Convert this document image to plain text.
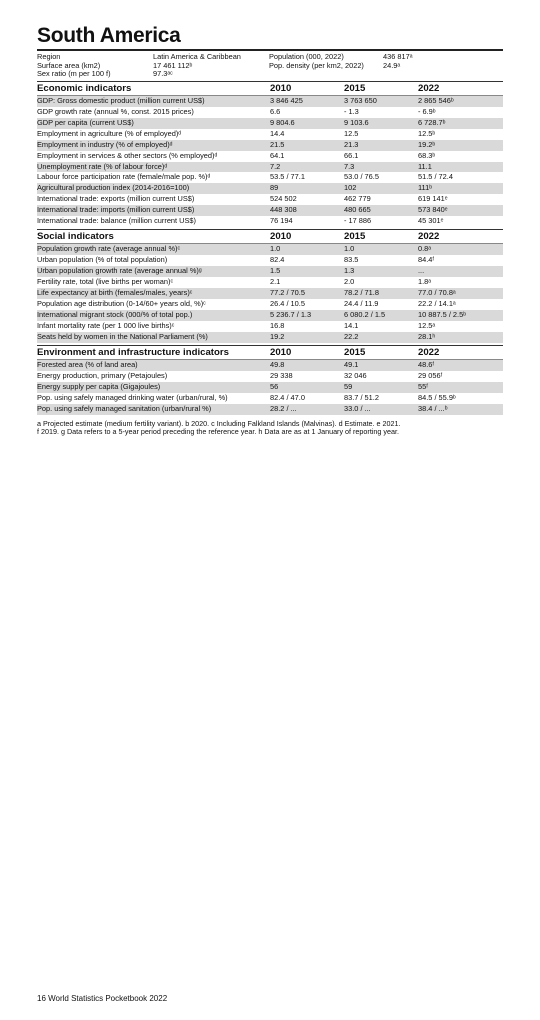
South America
Region	Latin America & Caribbean	Population (000, 2022)	436 817ᵃ
Surface area (km2)	17 461 112ᵇ	Pop. density (per km2, 2022)	24.9ᵃ
Sex ratio (m per 100 f)	97.3ᵃᶜ
Economic indicators	2010	2015	2022
GDP: Gross domestic product (million current US$)	3 846 425	3 763 650	2 865 546ᵇ
GDP growth rate (annual %, const. 2015 prices)	6.6	- 1.3	- 6.9ᵇ
GDP per capita (current US$)	9 804.6	9 103.6	6 728.7ᵇ
Employment in agriculture (% of employed)ᵈ	14.4	12.5	12.5ᵇ
Employment in industry (% of employed)ᵈ	21.5	21.3	19.2ᵇ
Employment in services & other sectors (% employed)ᵈ	64.1	66.1	68.3ᵇ
Unemployment rate (% of labour force)ᵈ	7.2	7.3	11.1
Labour force participation rate (female/male pop. %)ᵈ	53.5 / 77.1	53.0 / 76.5	51.5 / 72.4
Agricultural production index (2014-2016=100)	89	102	111ᵇ
International trade: exports (million current US$)	524 502	462 779	619 141ᵉ
International trade: imports (million current US$)	448 308	480 665	573 840ᵉ
International trade: balance (million current US$)	76 194	- 17 886	45 301ᵉ
Social indicators	2010	2015	2022
Population growth rate (average annual %)ᶜ	1.0	1.0	0.8ᵃ
Urban population (% of total population)	82.4	83.5	84.4ᶠ
Urban population growth rate (average annual %)ᵍ	1.5	1.3	...
Fertility rate, total (live births per woman)ᶜ	2.1	2.0	1.8ᵃ
Life expectancy at birth (females/males, years)ᶜ	77.2 / 70.5	78.2 / 71.8	77.0 / 70.8ᵃ
Population age distribution (0-14/60+ years old, %)ᶜ	26.4 / 10.5	24.4 / 11.9	22.2 / 14.1ᵃ
International migrant stock (000/% of total pop.)	5 236.7 / 1.3	6 080.2 / 1.5	10 887.5 / 2.5ᵇ
Infant mortality rate (per 1 000 live births)ᶜ	16.8	14.1	12.5ᵃ
Seats held by women in the National Parliament (%)	19.2	22.2	28.1ʰ
Environment and infrastructure indicators	2010	2015	2022
Forested area (% of land area)	49.8	49.1	48.6ᶠ
Energy production, primary (Petajoules)	29 338	32 046	29 056ᶠ
Energy supply per capita (Gigajoules)	56	59	55ᶠ
Pop. using safely managed drinking water (urban/rural, %)	82.4 / 47.0	83.7 / 51.2	84.5 / 55.9ᵇ
Pop. using safely managed sanitation (urban/rural %)	28.2 / ...	33.0 / ...	38.4 / ...ᵇ
a Projected estimate (medium fertility variant). b 2020. c Including Falkland Islands (Malvinas). d Estimate. e 2021.
f 2019. g Data refers to a 5-year period preceding the reference year. h Data are as at 1 January of reporting year.
16 World Statistics Pocketbook 2022
